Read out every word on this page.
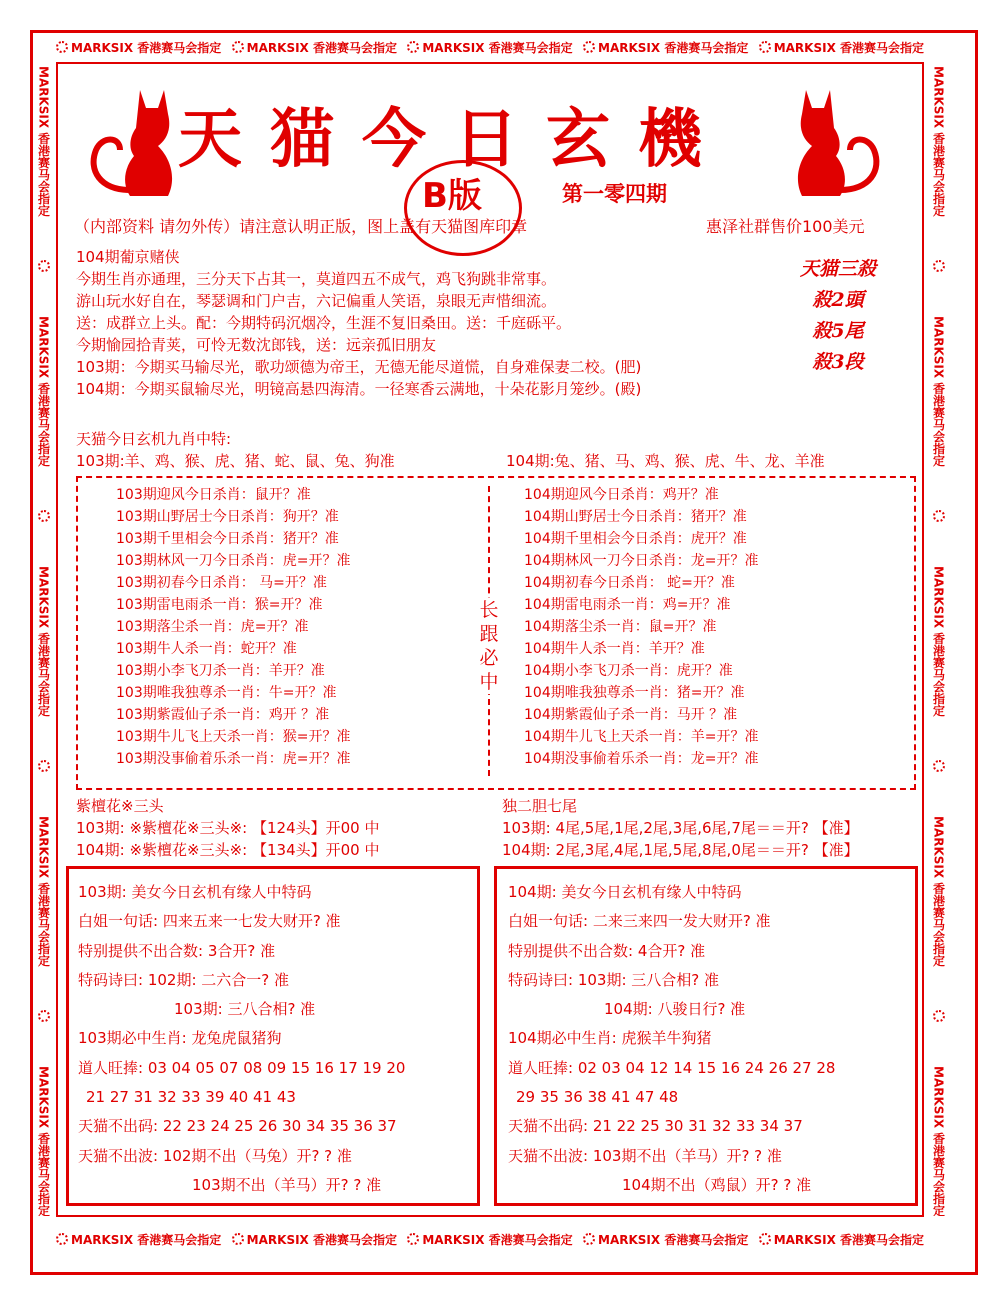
MARKSIX 香港赛马会指定 MARKSIX 香港赛马会指定 MARKSIX 香港赛马会指定 MARKSIX 香港赛马会指定 MARKSIX 香港赛马会指定
MARKSIX 香港赛马会指定 MARKSIX 香港赛马会指定 MARKSIX 香港赛马会指定 MARKSIX 香港赛马会指定 MARKSIX 香港赛马会指定
MARKSIX 香港赛马会指定
MARKSIX 香港赛马会指定
MARKSIX 香港赛马会指定
MARKSIX 香港赛马会指定
MARKSIX 香港赛马会指定
MARKSIX 香港赛马会指定
MARKSIX 香港赛马会指定
MARKSIX 香港赛马会指定
MARKSIX 香港赛马会指定
MARKSIX 香港赛马会指定
天猫今日玄機
B版	第一零四期
（内部资料 请勿外传）请注意认明正版，图上盖有天猫图库印章	惠泽社群售价100美元
天猫三殺
殺2頭
殺5尾
殺3段
104期葡京赌侠
今期生肖亦通理，三分天下占其一，莫道四五不成气，鸡飞狗跳非常事。
游山玩水好自在，琴瑟调和门户吉，六记偏重人笑语，泉眼无声惜细流。
送：成群立上头。配：今期特码沉烟冷，生涯不复旧桑田。送：千庭砾平。
今期愉园拾青荚，可怜无数沈郎钱，送：远亲孤旧朋友
103期：今期买马输尽光，歌功颂德为帝王，无德无能尽道慌，自身难保妻二校。(肥)
104期：今期买鼠输尽光，明镜高悬四海清。一径寒香云满地，十朵花影月笼纱。(殿)
天猫今日玄机九肖中特:
103期:羊、鸡、猴、虎、猪、蛇、鼠、兔、狗准	104期:兔、猪、马、鸡、猴、虎、牛、龙、羊准
长跟必中
103期迎风今日杀肖：鼠开？准
103期山野居士今日杀肖：狗开？准
103期千里相会今日杀肖：猪开？准
103期林风一刀今日杀肖：虎=开？准
103期初春今日杀肖： 马=开？准
103期雷电雨杀一肖：猴=开？准
103期落尘杀一肖：虎=开？准
103期牛人杀一肖：蛇开？准
103期小李飞刀杀一肖：羊开？准
103期唯我独尊杀一肖：牛=开？准
103期紫霞仙子杀一肖：鸡开 ？准
103期牛儿飞上天杀一肖：猴=开？准
103期没事偷着乐杀一肖：虎=开？准
104期迎风今日杀肖：鸡开？准
104期山野居士今日杀肖：猪开？准
104期千里相会今日杀肖：虎开？准
104期林风一刀今日杀肖：龙=开？准
104期初春今日杀肖： 蛇=开？准
104期雷电雨杀一肖：鸡=开？准
104期落尘杀一肖：鼠=开？准
104期牛人杀一肖：羊开？准
104期小李飞刀杀一肖：虎开？准
104期唯我独尊杀一肖：猪=开？准
104期紫霞仙子杀一肖：马开 ？准
104期牛儿飞上天杀一肖：羊=开？准
104期没事偷着乐杀一肖：龙=开？准
紫檀花※三头	独二胆七尾
103期: ※紫檀花※三头※: 【124头】开00 中
104期: ※紫檀花※三头※: 【134头】开00 中
103期: 4尾,5尾,1尾,2尾,3尾,6尾,7尾＝＝开? 【准】
104期: 2尾,3尾,4尾,1尾,5尾,8尾,0尾＝＝开? 【准】
103期: 美女今日玄机有缘人中特码
白姐一句话: 四来五来一七发大财开? 准
特别提供不出合数: 3合开? 准
特码诗曰: 102期: 二六合一? 准
103期: 三八合相? 准
103期必中生肖: 龙兔虎鼠猪狗
道人旺捧: 03 04 05 07 08 09 15 16 17 19 20
21 27 31 32 33 39 40 41 43
天猫不出码: 22 23 24 25 26 30 34 35 36 37
天猫不出波: 102期不出（马兔）开? ? 准
103期不出（羊马）开? ? 准
104期: 美女今日玄机有缘人中特码
白姐一句话: 二来三来四一发大财开? 准
特别提供不出合数: 4合开? 准
特码诗曰: 103期: 三八合相? 准
104期: 八骏日行? 准
104期必中生肖: 虎猴羊牛狗猪
道人旺捧: 02 03 04 12 14 15 16 24 26 27 28
29 35 36 38 41 47 48
天猫不出码: 21 22 25 30 31 32 33 34 37
天猫不出波: 103期不出（羊马）开? ? 准
104期不出（鸡鼠）开? ? 准
